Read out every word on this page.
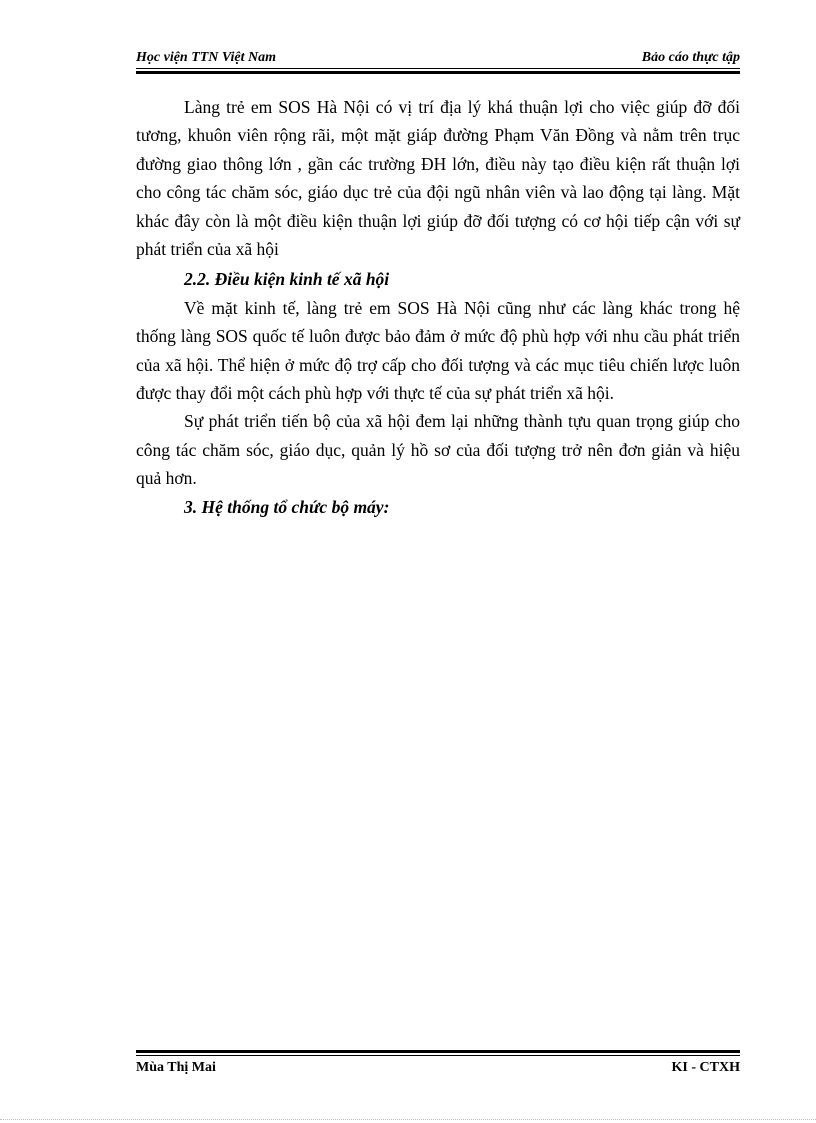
Học viện TTN Việt Nam	Bảo cáo thực tập

Làng trẻ em SOS Hà Nội có vị trí địa lý khá thuận lợi cho việc giúp đỡ đối tương, khuôn viên rộng rãi, một mặt giáp đường Phạm Văn Đồng và nằm trên trục đường giao thông lớn , gần các trường ĐH lớn, điều này tạo điều kiện rất thuận lợi cho công tác chăm sóc, giáo dục trẻ của đội ngũ nhân viên và lao động tại làng. Mặt khác đây còn là một điều kiện thuận lợi giúp đỡ đối tượng có cơ hội tiếp cận với sự phát triển của xã hội

2.2. Điều kiện kinh tế xã hội

Về mặt kinh tế, làng trẻ em SOS Hà Nội cũng như các làng khác trong hệ thống làng SOS quốc tế luôn được bảo đảm ở mức độ phù hợp với nhu cầu phát triển của xã hội. Thể hiện ở mức độ trợ cấp cho đối tượng và các mục tiêu chiến lược luôn được thay đổi một cách phù hợp với thực tế của sự phát triển xã hội.

Sự phát triển tiến bộ của xã hội đem lại những thành tựu quan trọng giúp cho công tác chăm sóc, giáo dục, quản lý hồ sơ của đối tượng trở nên đơn giản và hiệu quả hơn.

3. Hệ thống tổ chức bộ máy:
Mùa Thị Mai	KI - CTXH
